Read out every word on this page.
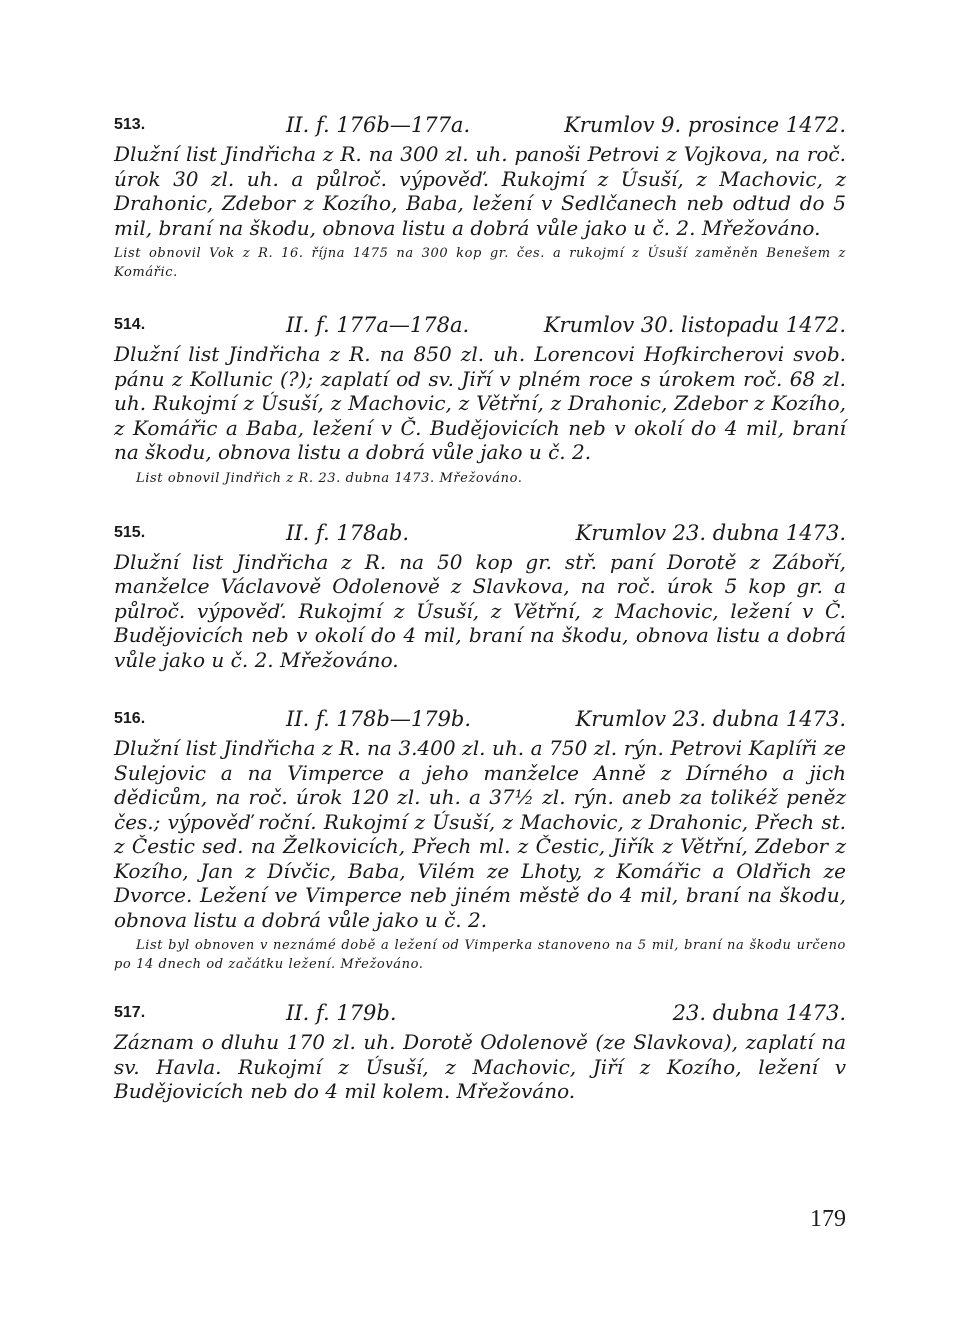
513.	II. f. 176b—177a.	Krumlov 9. prosince 1472.

Dlužní list Jindřicha z R. na 300 zl. uh. panoši Petrovi z Vojkova, na roč. úrok 30 zl. uh. a půlroč. výpověď. Rukojmí z Úsuší, z Machovic, z Drahonic, Zdebor z Kozího, Baba, ležení v Sedlčanech neb odtud do 5 mil, braní na škodu, obnova listu a dobrá vůle jako u č. 2. Mřežováno.

List obnovil Vok z R. 16. října 1475 na 300 kop gr. čes. a rukojmí z Úsuší zaměněn Benešem z Komářic.

514.	II. f. 177a—178a.	Krumlov 30. listopadu 1472.

Dlužní list Jindřicha z R. na 850 zl. uh. Lorencovi Hofkircherovi svob. pánu z Kollunic (?); zaplatí od sv. Jiří v plném roce s úrokem roč. 68 zl. uh. Rukojmí z Úsuší, z Machovic, z Větřní, z Drahonic, Zdebor z Kozího, z Komářic a Baba, ležení v Č. Budějovicích neb v okolí do 4 mil, braní na škodu, obnova listu a dobrá vůle jako u č. 2.

List obnovil Jindřich z R. 23. dubna 1473. Mřežováno.

515.	II. f. 178ab.	Krumlov 23. dubna 1473.

Dlužní list Jindřicha z R. na 50 kop gr. stř. paní Dorotě z Záboří, manželce Václavově Odolenově z Slavkova, na roč. úrok 5 kop gr. a půlroč. výpověď. Rukojmí z Úsuší, z Větřní, z Machovic, ležení v Č. Budějovicích neb v okolí do 4 mil, braní na škodu, obnova listu a dobrá vůle jako u č. 2. Mřežováno.

516.	II. f. 178b—179b.	Krumlov 23. dubna 1473.

Dlužní list Jindřicha z R. na 3.400 zl. uh. a 750 zl. rýn. Petrovi Kaplíři ze Sulejovic a na Vimperce a jeho manželce Anně z Dírného a jich dědicům, na roč. úrok 120 zl. uh. a 37½ zl. rýn. aneb za tolikéž peněz čes.; výpověď roční. Rukojmí z Úsuší, z Machovic, z Drahonic, Přech st. z Čestic sed. na Želkovicích, Přech ml. z Čestic, Jiřík z Větřní, Zdebor z Kozího, Jan z Dívčic, Baba, Vilém ze Lhoty, z Komářic a Oldřich ze Dvorce. Ležení ve Vimperce neb jiném městě do 4 mil, braní na škodu, obnova listu a dobrá vůle jako u č. 2.

List byl obnoven v neznámé době a ležení od Vimperka stanoveno na 5 mil, braní na škodu určeno po 14 dnech od začátku ležení. Mřežováno.

517.	II. f. 179b.	23. dubna 1473.

Záznam o dluhu 170 zl. uh. Dorotě Odolenově (ze Slavkova), zaplatí na sv. Havla. Rukojmí z Úsuší, z Machovic, Jiří z Kozího, ležení v Budějovicích neb do 4 mil kolem. Mřežováno.

179
